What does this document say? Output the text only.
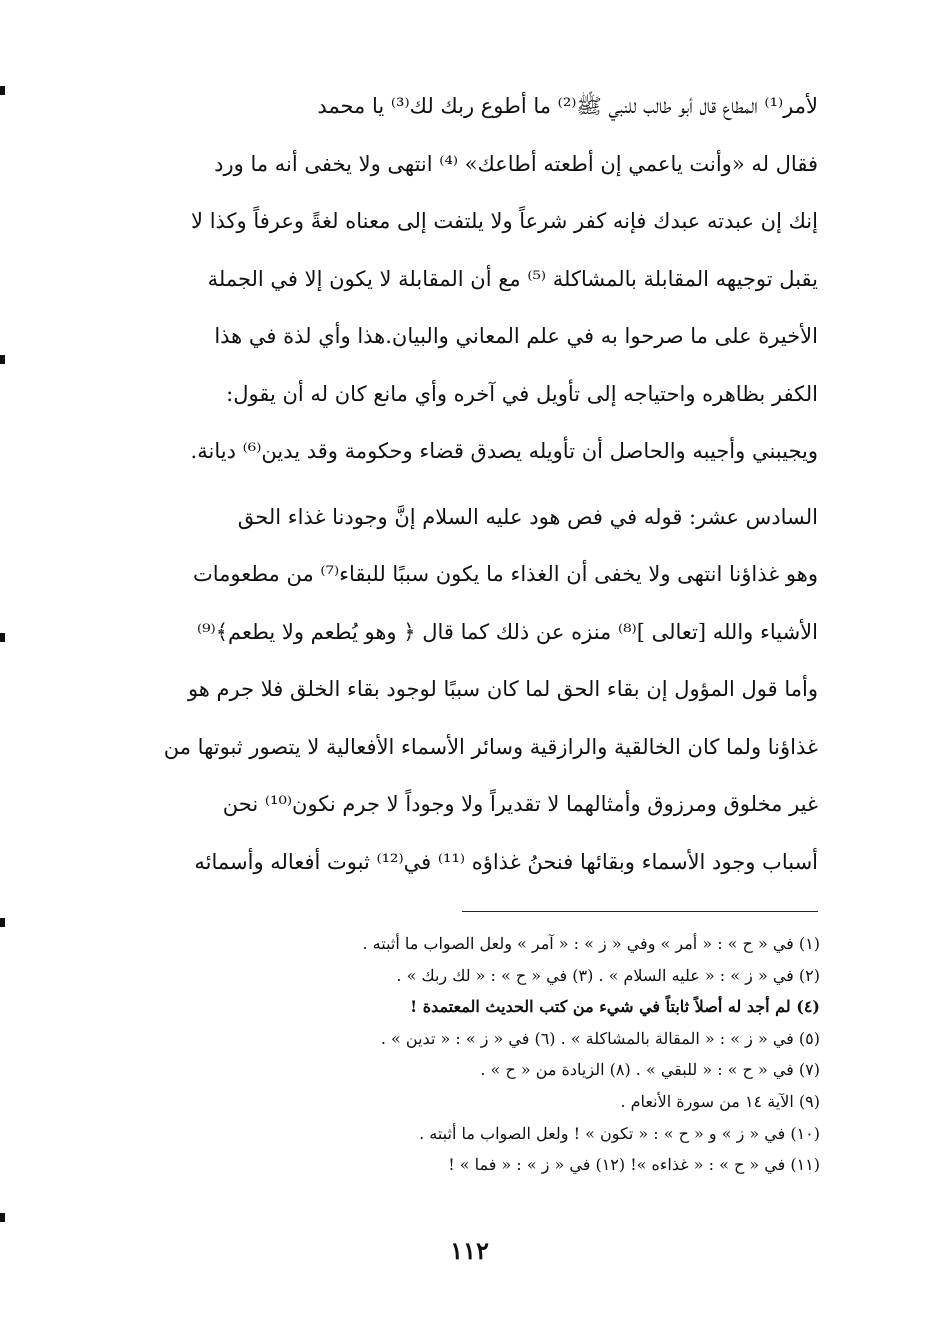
لأمر⁽¹⁾ المطاع قال أبو طالب للنبي ﷺ⁽²⁾ ما أطوع ربك لك⁽³⁾ يا محمد
فقال له «وأنت ياعمي إن أطعته أطاعك» ⁽⁴⁾ انتهى ولا يخفى أنه ما ورد
إنك إن عبدته عبدك فإنه كفر شرعاً ولا يلتفت إلى معناه لغةً وعرفاً وكذا لا
يقبل توجيهه المقابلة بالمشاكلة ⁽⁵⁾ مع أن المقابلة لا يكون إلا في الجملة
الأخيرة على ما صرحوا به في علم المعاني والبيان.هذا وأي لذة في هذا
الكفر بظاهره واحتياجه إلى تأويل في آخره وأي مانع كان له أن يقول:
ويجيبني وأجيبه والحاصل أن تأويله يصدق قضاء وحكومة وقد يدين⁽⁶⁾ ديانة.
السادس عشر: قوله في فص هود عليه السلام إنَّ وجودنا غذاء الحق
وهو غذاؤنا انتهى ولا يخفى أن الغذاء ما يكون سببًا للبقاء⁽⁷⁾ من مطعومات
الأشياء والله [تعالى ]⁽⁸⁾ منزه عن ذلك كما قال ﴿ وهو يُطعم ولا يطعم﴾⁽⁹⁾
وأما قول المؤول إن بقاء الحق لما كان سببًا لوجود بقاء الخلق فلا جرم هو
غذاؤنا ولما كان الخالقية والرازقية وسائر الأسماء الأفعالية لا يتصور ثبوتها من
غير مخلوق ومرزوق وأمثالهما لا تقديراً ولا وجوداً لا جرم نكون⁽¹⁰⁾ نحن
أسباب وجود الأسماء وبقائها فنحنُ غذاؤه ⁽¹¹⁾ في⁽¹²⁾ ثبوت أفعاله وأسمائه
(١) في « ح » : « أمر » وفي « ز » : « آمر » ولعل الصواب ما أثبته .
(٢) في « ز » : « عليه السلام » . (٣) في « ح » : « لك ربك » .
(٤) لم أجد له أصلاً ثابتاً في شيء من كتب الحديث المعتمدة !
(٥) في « ز » : « المقالة بالمشاكلة » . (٦) في « ز » : « تدين » .
(٧) في « ح » : « للبقي » . (٨) الزيادة من « ح » .
(٩) الآية ١٤ من سورة الأنعام .
(١٠) في « ز » و « ح » : « تكون » ! ولعل الصواب ما أثبته .
(١١) في « ح » : « غذاءه »! (١٢) في « ز » : « فما » !
١١٢
